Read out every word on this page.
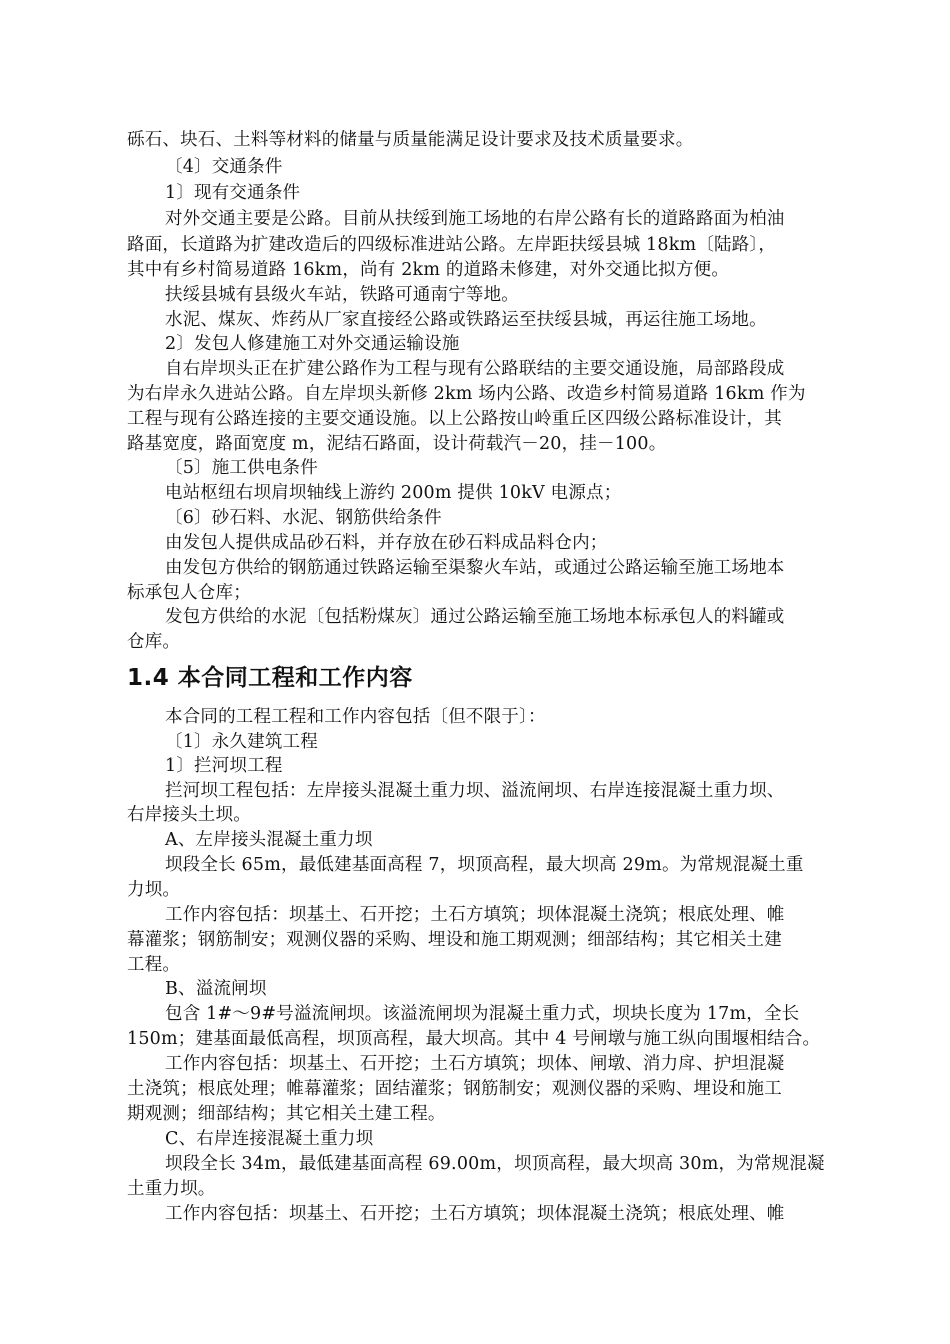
砾石、块石、土料等材料的储量与质量能满足设计要求及技术质量要求。
〔4〕交通条件
1〕现有交通条件
对外交通主要是公路。目前从扶绥到施工场地的右岸公路有长的道路路面为柏油
路面，长道路为扩建改造后的四级标准进站公路。左岸距扶绥县城 18km〔陆路〕，
其中有乡村简易道路 16km，尚有 2km 的道路未修建，对外交通比拟方便。
扶绥县城有县级火车站，铁路可通南宁等地。
水泥、煤灰、炸药从厂家直接经公路或铁路运至扶绥县城，再运往施工场地。
2〕发包人修建施工对外交通运输设施
自右岸坝头正在扩建公路作为工程与现有公路联结的主要交通设施，局部路段成
为右岸永久进站公路。自左岸坝头新修 2km 场内公路、改造乡村简易道路 16km 作为
工程与现有公路连接的主要交通设施。以上公路按山岭重丘区四级公路标准设计，其
路基宽度，路面宽度 m，泥结石路面，设计荷载汽－20，挂－100。
〔5〕施工供电条件
电站枢纽右坝肩坝轴线上游约 200m 提供 10kV 电源点；
〔6〕砂石料、水泥、钢筋供给条件
由发包人提供成品砂石料，并存放在砂石料成品料仓内；
由发包方供给的钢筋通过铁路运输至渠黎火车站，或通过公路运输至施工场地本
标承包人仓库；
发包方供给的水泥〔包括粉煤灰〕通过公路运输至施工场地本标承包人的料罐或
仓库。
1.4 本合同工程和工作内容
本合同的工程工程和工作内容包括〔但不限于〕：
〔1〕永久建筑工程
1〕拦河坝工程
拦河坝工程包括：左岸接头混凝土重力坝、溢流闸坝、右岸连接混凝土重力坝、
右岸接头土坝。
A、左岸接头混凝土重力坝
坝段全长 65m，最低建基面高程 7，坝顶高程，最大坝高 29m。为常规混凝土重
力坝。
工作内容包括：坝基土、石开挖；土石方填筑；坝体混凝土浇筑；根底处理、帷
幕灌浆；钢筋制安；观测仪器的采购、埋设和施工期观测；细部结构；其它相关土建
工程。
B、溢流闸坝
包含 1#～9#号溢流闸坝。该溢流闸坝为混凝土重力式，坝块长度为 17m，全长
150m；建基面最低高程，坝顶高程，最大坝高。其中 4 号闸墩与施工纵向围堰相结合。
工作内容包括：坝基土、石开挖；土石方填筑；坝体、闸墩、消力戽、护坦混凝
土浇筑；根底处理；帷幕灌浆；固结灌浆；钢筋制安；观测仪器的采购、埋设和施工
期观测；细部结构；其它相关土建工程。
C、右岸连接混凝土重力坝
坝段全长 34m，最低建基面高程 69.00m，坝顶高程，最大坝高 30m，为常规混凝
土重力坝。
工作内容包括：坝基土、石开挖；土石方填筑；坝体混凝土浇筑；根底处理、帷
